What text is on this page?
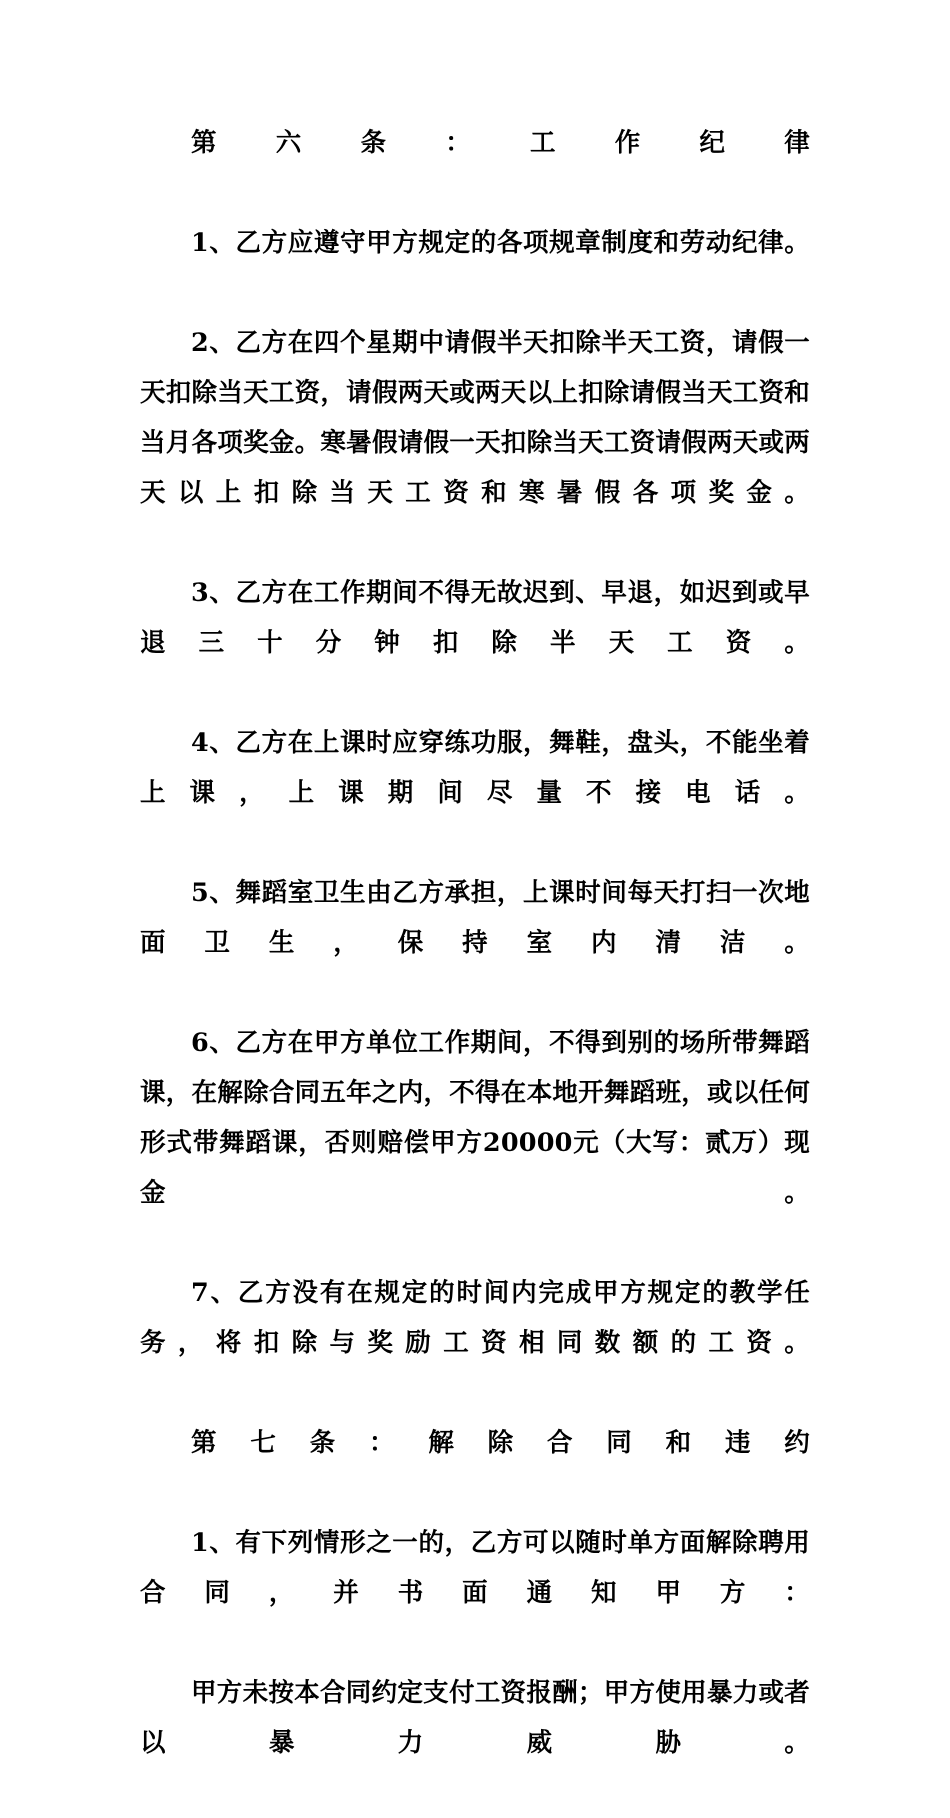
第六条：工作纪律

1、乙方应遵守甲方规定的各项规章制度和劳动纪律。

2、乙方在四个星期中请假半天扣除半天工资，请假一天扣除当天工资，请假两天或两天以上扣除请假当天工资和当月各项奖金。寒暑假请假一天扣除当天工资请假两天或两天以上扣除当天工资和寒暑假各项奖金。

3、乙方在工作期间不得无故迟到、早退，如迟到或早退三十分钟扣除半天工资。

4、乙方在上课时应穿练功服，舞鞋，盘头，不能坐着上课，上课期间尽量不接电话。

5、舞蹈室卫生由乙方承担，上课时间每天打扫一次地面卫生，保持室内清洁。

6、乙方在甲方单位工作期间，不得到别的场所带舞蹈课，在解除合同五年之内，不得在本地开舞蹈班，或以任何形式带舞蹈课，否则赔偿甲方20000元（大写：贰万）现金。

7、乙方没有在规定的时间内完成甲方规定的教学任务，将扣除与奖励工资相同数额的工资。

第七条：解除合同和违约

1、有下列情形之一的，乙方可以随时单方面解除聘用合同，并书面通知甲方：

甲方未按本合同约定支付工资报酬；甲方使用暴力或者以暴力威胁。
